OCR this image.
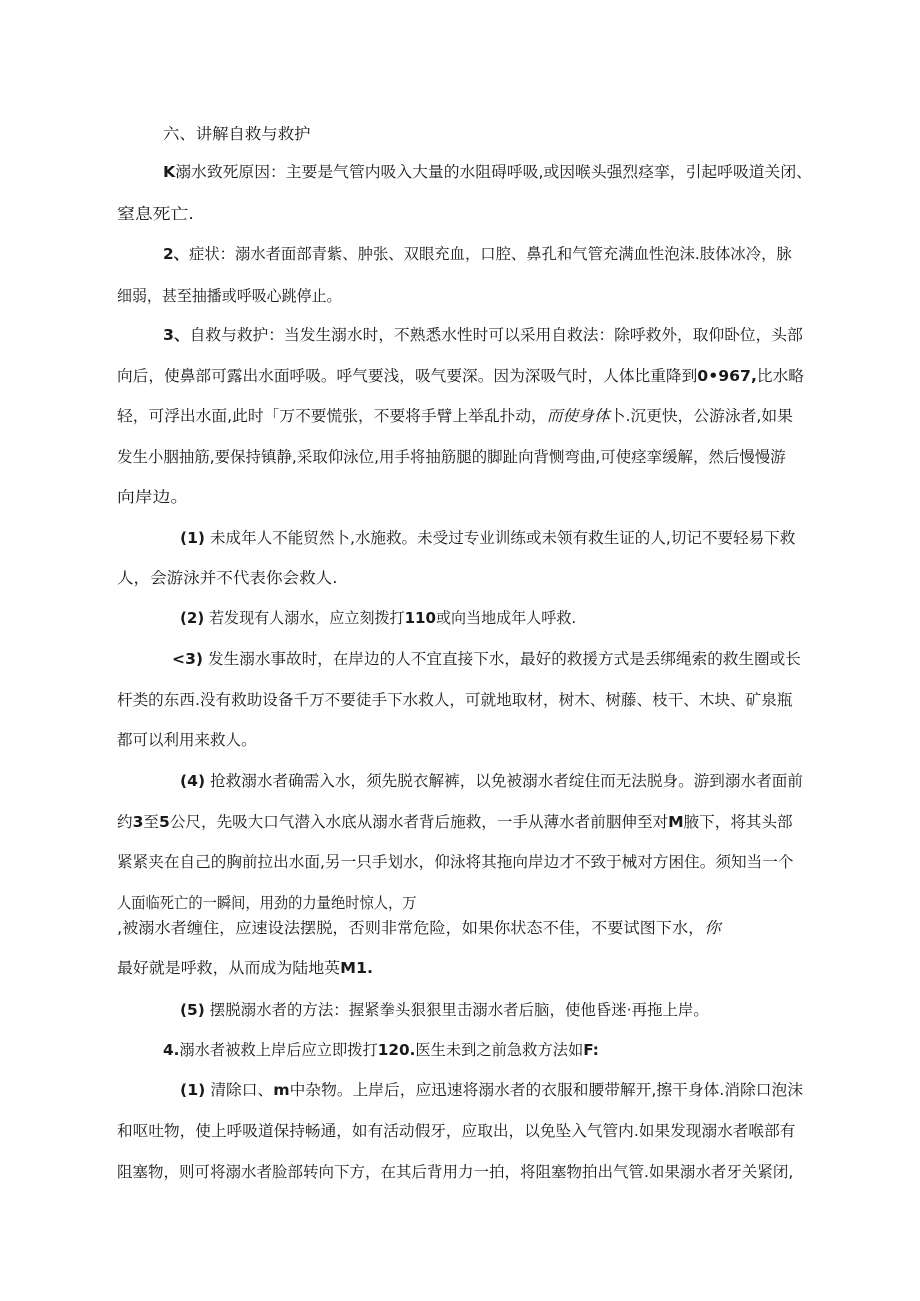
六、讲解自救与救护
K溺水致死原因：主要是气管内吸入大量的水阻碍呼吸,或因喉头强烈痉挛，引起呼吸道关闭、
窒息死亡.
2、症状：溺水者面部青紫、肿张、双眼充血，口腔、鼻孔和气管充满血性泡沫.肢体冰冷，脉
细弱，甚至抽播或呼吸心跳停止。
3、自救与救护：当发生溺水时，不熟悉水性时可以采用自救法：除呼救外，取仰卧位，头部
向后，使鼻部可露出水面呼吸。呼气要浅，吸气要深。因为深吸气时，人体比重降到0•967,比水略
轻，可浮出水面,此时「万不要慌张，不要将手臂上举乱扑动，而使身体卜.沉更快，公游泳者,如果
发生小胭抽筋,要保持镇静,采取仰泳位,用手将抽筋腿的脚趾向背恻弯曲,可使痉挛缓解，然后慢慢游
向岸边。
(1) 未成年人不能贸然卜,水施救。未受过专业训练或未领有救生证的人,切记不要轻易下救
人，会游泳并不代表你会救人.
(2) 若发现有人溺水，应立刻拨打110或向当地成年人呼救.
<3) 发生溺水事故时，在岸边的人不宜直接下水，最好的救援方式是丢绑绳索的救生圈或长
杆类的东西.没有救助设备千万不要徒手下水救人，可就地取材，树木、树藤、枝干、木块、矿泉瓶
都可以利用来救人。
(4) 抢救溺水者确需入水，须先脱衣解裤，以免被溺水者绽住而无法脱身。游到溺水者面前
约3至5公尺，先吸大口气潜入水底从溺水者背后施救，一手从薄水者前胭伸至对M腋下，将其头部
紧紧夹在自己的胸前拉出水面,另一只手划水，仰泳将其拖向岸边才不致于械对方困住。须知当一个
人面临死亡的一瞬间，用劲的力量绝时惊人，万
,被溺水者缠住，应速设法摆脱，否则非常危险，如果你状态不佳，不要试图下水，你
最好就是呼救，从而成为陆地英M1.
(5) 摆脱溺水者的方法：握紧拳头狠狠里击溺水者后脑，使他昏迷·再拖上岸。
4.溺水者被救上岸后应立即拨打120.医生未到之前急救方法如F:
(1) 清除口、m中杂物。上岸后，应迅速将溺水者的衣服和腰带解开,擦干身体.消除口泡沫
和呕吐物，使上呼吸道保持畅通，如有活动假牙，应取出，以免坠入气管内.如果发现溺水者喉部有
阻塞物，则可将溺水者脸部转向下方，在其后背用力一拍，将阻塞物拍出气管.如果溺水者牙关紧闭,
